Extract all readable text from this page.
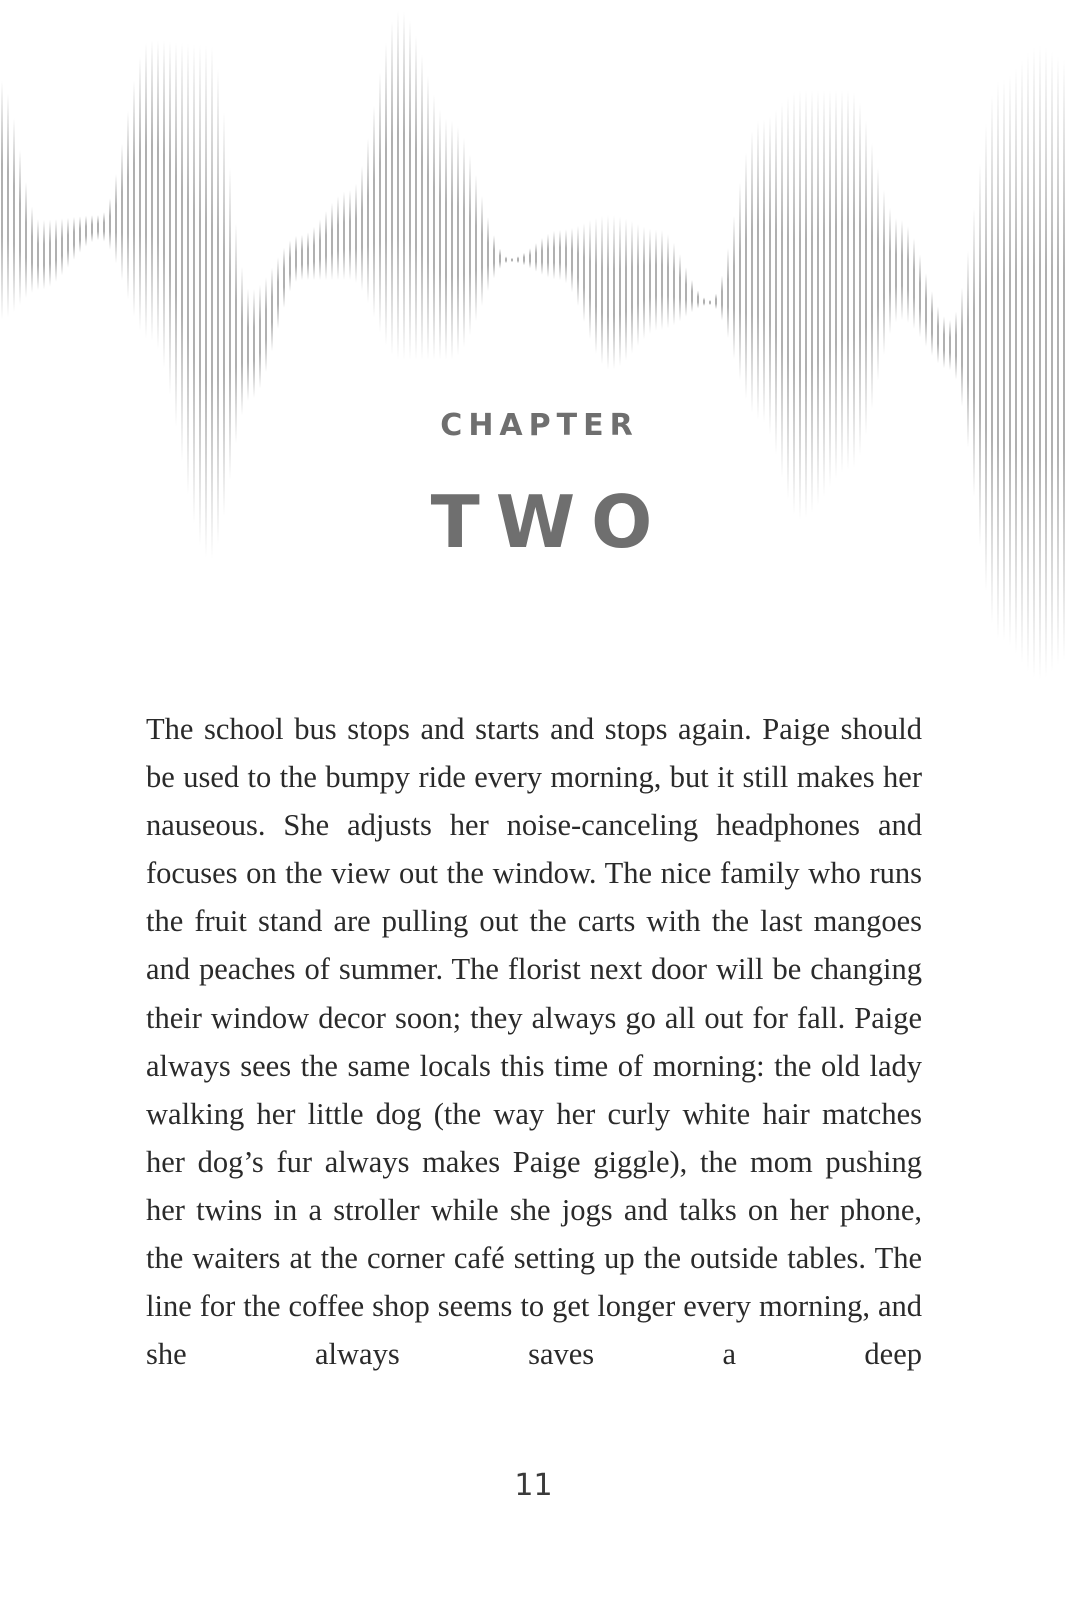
CHAPTER
TWO

The school bus stops and starts and stops again. Paige should be used to the bumpy ride every morning, but it still makes her nauseous. She adjusts her noise-canceling headphones and focuses on the view out the window. The nice family who runs the fruit stand are pulling out the carts with the last mangoes and peaches of summer. The florist next door will be changing their window decor soon; they always go all out for fall. Paige always sees the same locals this time of morning: the old lady walking her little dog (the way her curly white hair matches her dog’s fur always makes Paige giggle), the mom pushing her twins in a stroller while she jogs and talks on her phone, the waiters at the corner café setting up the outside tables. The line for the coffee shop seems to get longer every morning, and she always saves a deep

11
